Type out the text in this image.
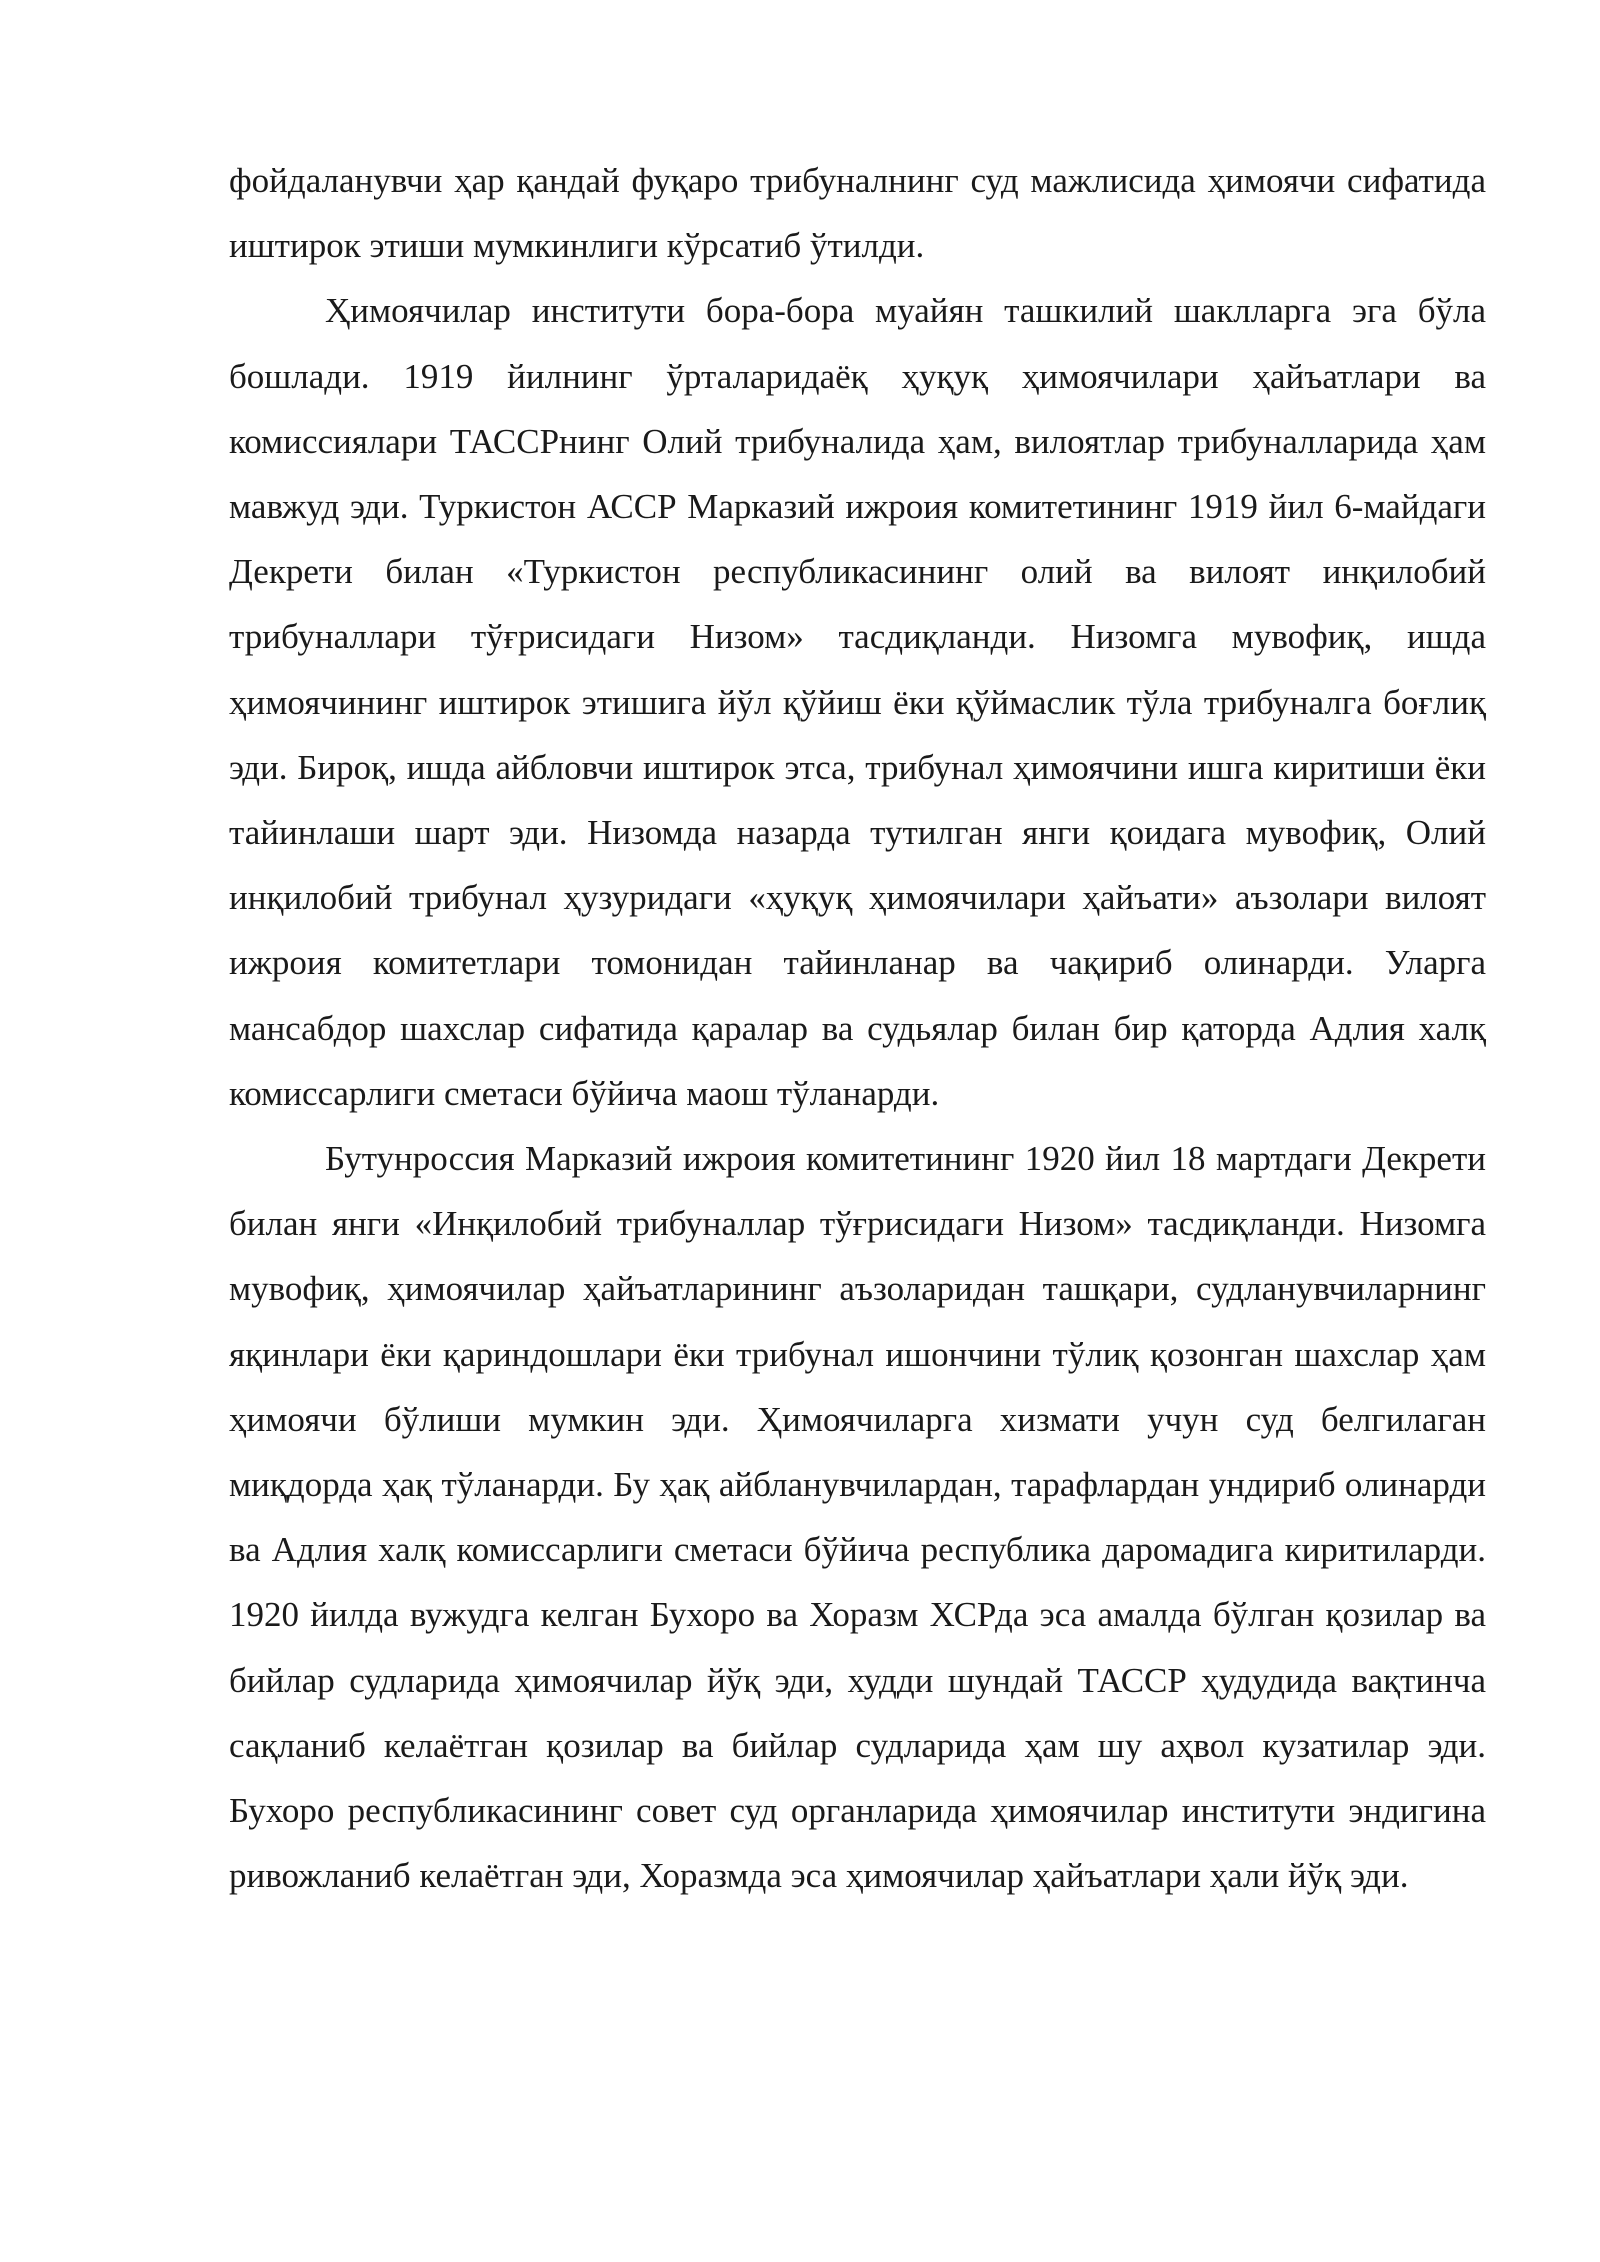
фойдаланувчи ҳар қандай фуқаро трибуналнинг суд мажлисида ҳимоячи сифатида иштирок этиши мумкинлиги кўрсатиб ўтилди.

Ҳимоячилар институти бора-бора муайян ташкилий шаклларга эга бўла бошлади. 1919 йилнинг ўрталаридаёқ ҳуқуқ ҳимоячилари ҳайъатлари ва комиссиялари ТАССРнинг Олий трибуналида ҳам, вилоятлар трибуналларида ҳам мавжуд эди. Туркистон АССР Марказий ижроия комитетининг 1919 йил 6-майдаги Декрети билан «Туркистон республикасининг олий ва вилоят инқилобий трибуналлари тўғрисидаги Низом» тасдиқланди. Низомга мувофиқ, ишда ҳимоячининг иштирок этишига йўл қўйиш ёки қўймаслик тўла трибуналга боғлиқ эди. Бироқ, ишда айбловчи иштирок этса, трибунал ҳимоячини ишга киритиши ёки тайинлаши шарт эди. Низомда назарда тутилган янги қоидага мувофиқ, Олий инқилобий трибунал ҳузуридаги «ҳуқуқ ҳимоячилари ҳайъати» аъзолари вилоят ижроия комитетлари томонидан тайинланар ва чақириб олинарди. Уларга мансабдор шахслар сифатида қаралар ва судьялар билан бир қаторда Адлия халқ комиссарлиги сметаси бўйича маош тўланарди.

Бутунроссия Марказий ижроия комитетининг 1920 йил 18 мартдаги Декрети билан янги «Инқилобий трибуналлар тўғрисидаги Низом» тасдиқланди. Низомга мувофиқ, ҳимоячилар ҳайъатларининг аъзоларидан ташқари, судланувчиларнинг яқинлари ёки қариндошлари ёки трибунал ишончини тўлиқ қозонган шахслар ҳам ҳимоячи бўлиши мумкин эди. Ҳимоячиларга хизмати учун суд белгилаган миқдорда ҳақ тўланарди. Бу ҳақ айбланувчилардан, тарафлардан ундириб олинарди ва Адлия халқ комиссарлиги сметаси бўйича республика даромадига киритиларди. 1920 йилда вужудга келган Бухоро ва Хоразм ХСРда эса амалда бўлган қозилар ва бийлар судларида ҳимоячилар йўқ эди, худди шундай ТАССР ҳудудида вақтинча сақланиб келаётган қозилар ва бийлар судларида ҳам шу аҳвол кузатилар эди. Бухоро республикасининг совет суд органларида ҳимоячилар институти эндигина ривожланиб келаётган эди, Хоразмда эса ҳимоячилар ҳайъатлари ҳали йўқ эди.
